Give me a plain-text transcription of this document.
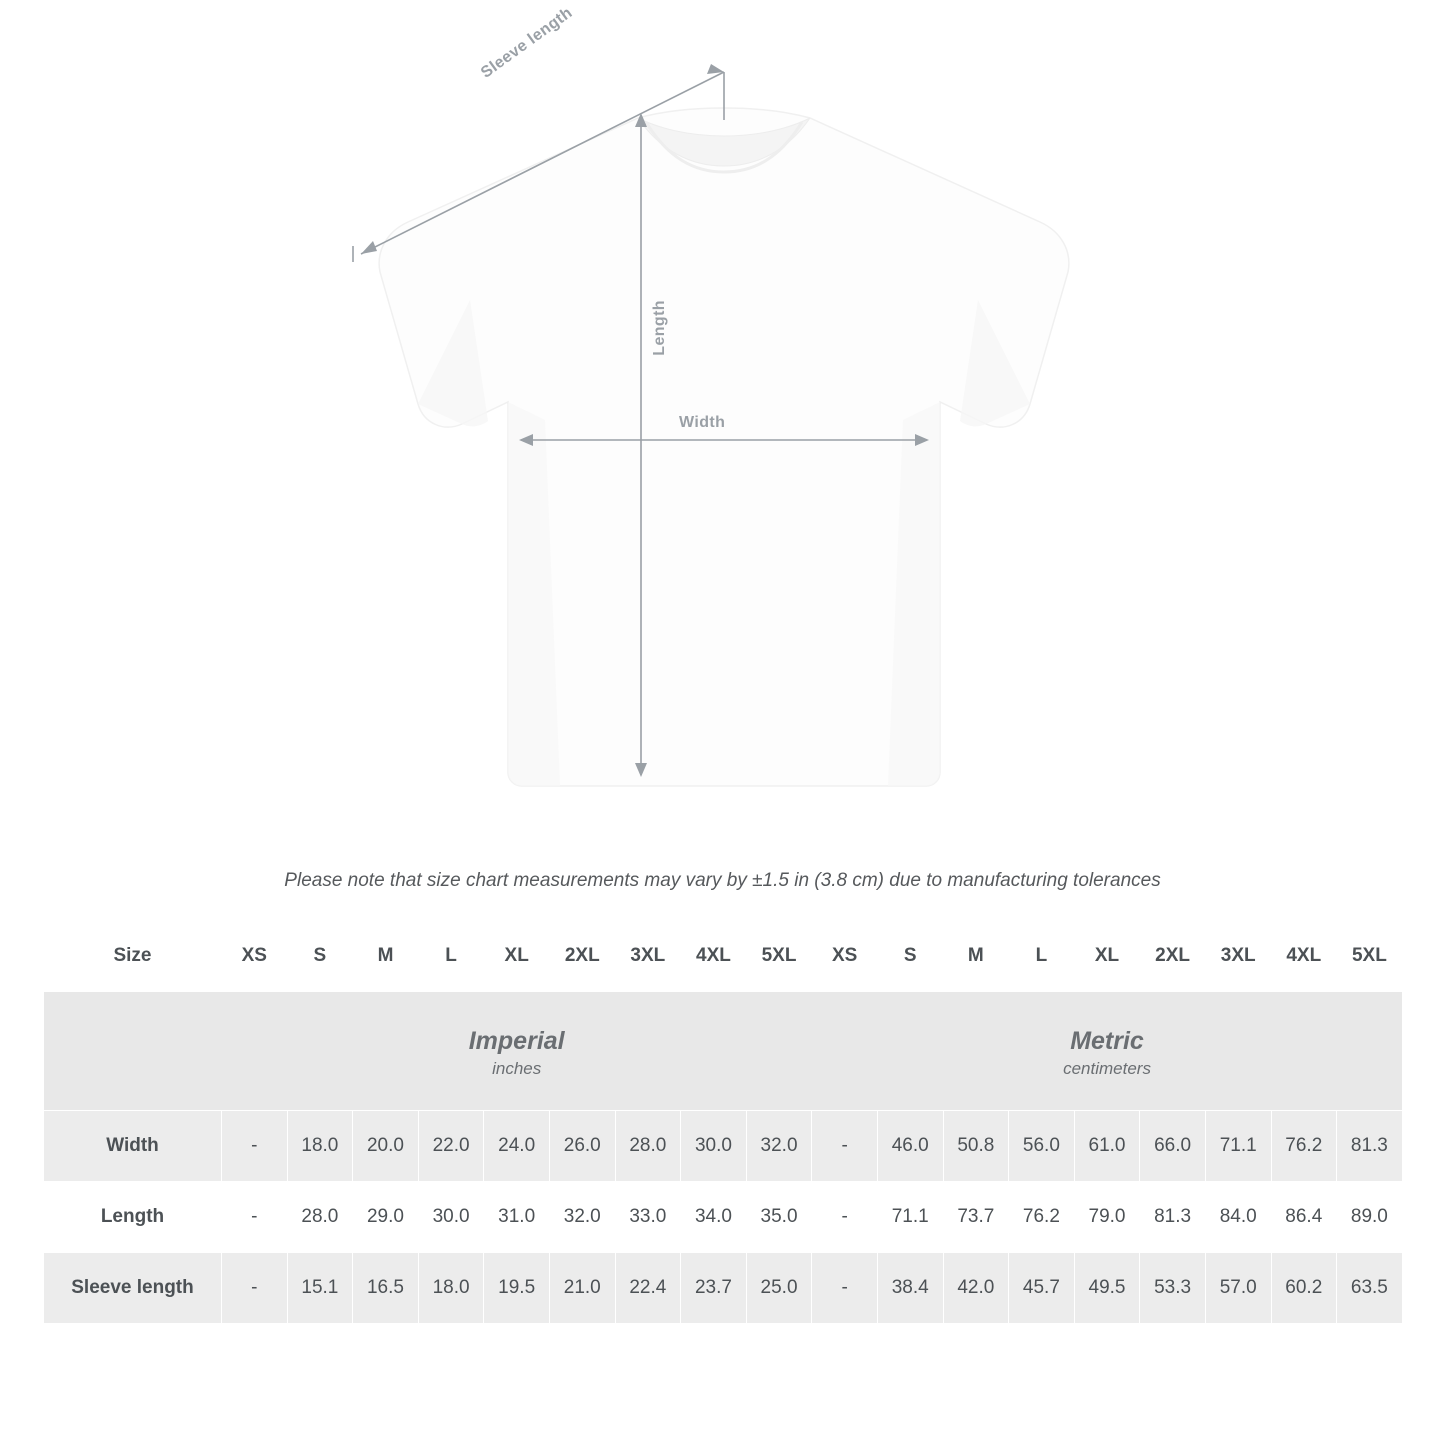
Sleeve length
Length
Width

Please note that size chart measurements may vary by ±1.5 in (3.8 cm) due to manufacturing tolerances

Imperial
inches

Metric
centimeters

Size	XS	S	M	L	XL	2XL	3XL	4XL	5XL	XS	S	M	L	XL	2XL	3XL	4XL	5XL
Width	-	18.0	20.0	22.0	24.0	26.0	28.0	30.0	32.0	-	46.0	50.8	56.0	61.0	66.0	71.1	76.2	81.3
Length	-	28.0	29.0	30.0	31.0	32.0	33.0	34.0	35.0	-	71.1	73.7	76.2	79.0	81.3	84.0	86.4	89.0
Sleeve length	-	15.1	16.5	18.0	19.5	21.0	22.4	23.7	25.0	-	38.4	42.0	45.7	49.5	53.3	57.0	60.2	63.5
